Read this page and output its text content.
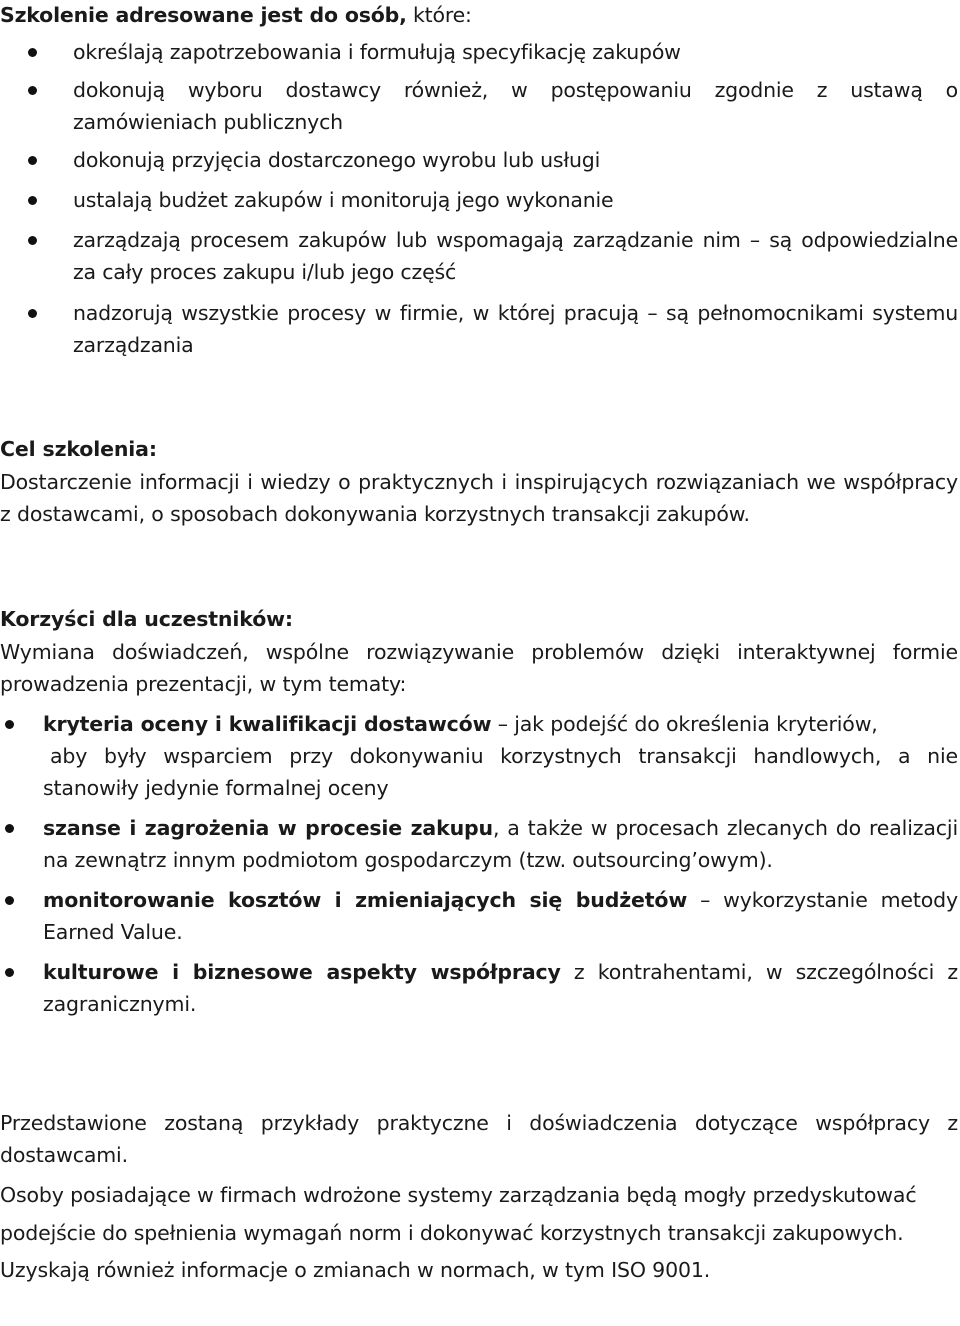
Szkolenie adresowane jest do osób, które:

określają zapotrzebowania i formułują specyfikację zakupów
dokonują wyboru dostawcy również, w postępowaniu zgodnie z ustawą o zamówieniach publicznych
dokonują przyjęcia dostarczonego wyrobu lub usługi
ustalają budżet zakupów i monitorują jego wykonanie
zarządzają procesem zakupów lub wspomagają zarządzanie nim – są odpowiedzialne za cały proces zakupu i/lub jego część
nadzorują wszystkie procesy w firmie, w której pracują – są pełnomocnikami systemu zarządzania

Cel szkolenia:

Dostarczenie informacji i wiedzy o praktycznych i inspirujących rozwiązaniach we współpracy z dostawcami, o sposobach dokonywania korzystnych transakcji zakupów.

Korzyści dla uczestników:

Wymiana doświadczeń, wspólne rozwiązywanie problemów dzięki interaktywnej formie prowadzenia prezentacji, w tym tematy:

kryteria oceny i kwalifikacji dostawców – jak podejść do określenia kryteriów,
aby były wsparciem przy dokonywaniu korzystnych transakcji handlowych, a nie stanowiły jedynie formalnej oceny
szanse i zagrożenia w procesie zakupu, a także w procesach zlecanych do realizacji na zewnątrz innym podmiotom gospodarczym (tzw. outsourcing’owym).
monitorowanie kosztów i zmieniających się budżetów – wykorzystanie metody Earned Value.
kulturowe i biznesowe aspekty współpracy z kontrahentami, w szczególności z zagranicznymi.

Przedstawione zostaną przykłady praktyczne i doświadczenia dotyczące współpracy z dostawcami.

Osoby posiadające w firmach wdrożone systemy zarządzania będą mogły przedyskutować podejście do spełnienia wymagań norm i dokonywać korzystnych transakcji zakupowych.

Uzyskają również informacje o zmianach w normach, w tym ISO 9001.
